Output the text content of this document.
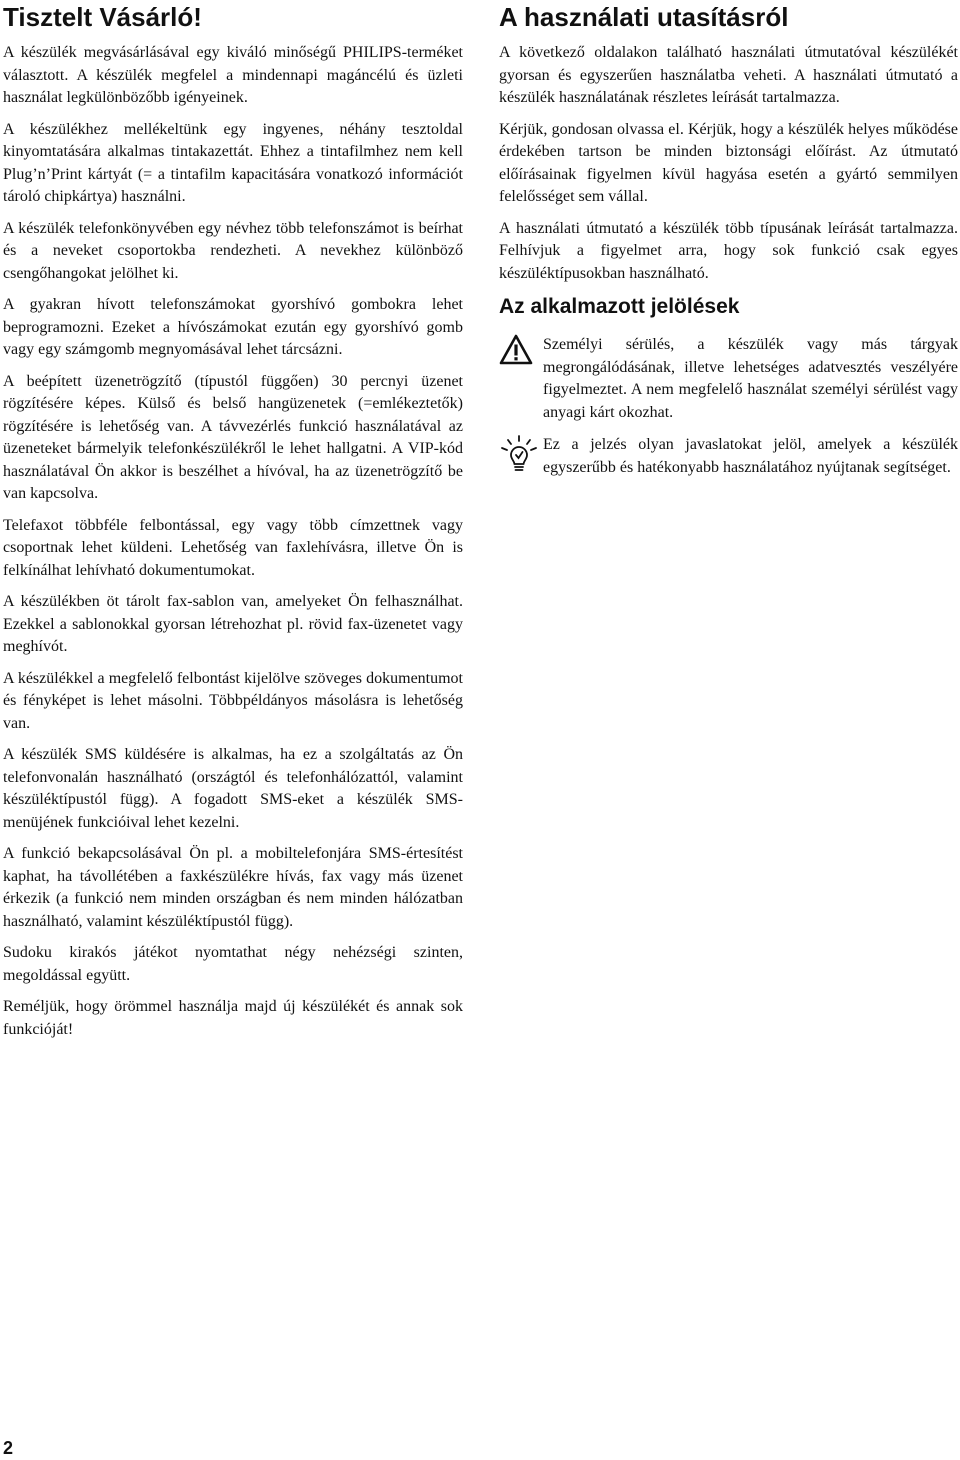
Tisztelt Vásárló!

A készülék megvásárlásával egy kiváló minőségű PHILIPS-terméket választott. A készülék megfelel a mindennapi magáncélú és üzleti használat legkülönbözőbb igényeinek.

A készülékhez mellékeltünk egy ingyenes, néhány tesztoldal kinyomtatására alkalmas tintakazettát. Ehhez a tintafilmhez nem kell Plug’n’Print kártyát (= a tintafilm kapacitására vonatkozó információt tároló chipkártya) használni.

A készülék telefonkönyvében egy névhez több telefonszámot is beírhat és a neveket csoportokba rendezheti. A nevekhez különböző csengőhangokat jelölhet ki.

A gyakran hívott telefonszámokat gyorshívó gombokra lehet beprogramozni. Ezeket a hívószámokat ezután egy gyorshívó gomb vagy egy számgomb megnyomásával lehet tárcsázni.

A beépített üzenetrögzítő (típustól függően) 30 percnyi üzenet rögzítésére képes. Külső és belső hangüzenetek (=emlékeztetők) rögzítésére is lehetőség van. A távvezérlés funkció használatával az üzeneteket bármelyik telefonkészülékről le lehet hallgatni. A VIP-kód használatával Ön akkor is beszélhet a hívóval, ha az üzenetrögzítő be van kapcsolva.

Telefaxot többféle felbontással, egy vagy több címzettnek vagy csoportnak lehet küldeni. Lehetőség van faxlehívásra, illetve Ön is felkínálhat lehívható dokumentumokat.

A készülékben öt tárolt fax-sablon van, amelyeket Ön felhasználhat. Ezekkel a sablonokkal gyorsan létrehozhat pl. rövid fax-üzenetet vagy meghívót.

A készülékkel a megfelelő felbontást kijelölve szöveges dokumentumot és fényképet is lehet másolni. Többpéldányos másolásra is lehetőség van.

A készülék SMS küldésére is alkalmas, ha ez a szolgáltatás az Ön telefonvonalán használható (országtól és telefonhálózattól, valamint készüléktípustól függ). A fogadott SMS-eket a készülék SMS-menüjének funkcióival lehet kezelni.

A funkció bekapcsolásával Ön pl. a mobiltelefonjára SMS-értesítést kaphat, ha távollétében a faxkészülékre hívás, fax vagy más üzenet érkezik (a funkció nem minden országban és nem minden hálózatban használható, valamint készüléktípustól függ).

Sudoku kirakós játékot nyomtathat négy nehézségi szinten, megoldással együtt.

Reméljük, hogy örömmel használja majd új készülékét és annak sok funkcióját!

A használati utasításról

A következő oldalakon található használati útmutatóval készülékét gyorsan és egyszerűen használatba veheti. A használati útmutató a készülék használatának részletes leírását tartalmazza.

Kérjük, gondosan olvassa el. Kérjük, hogy a készülék helyes működése érdekében tartson be minden biztonsági előírást. Az útmutató előírásainak figyelmen kívül hagyása esetén a gyártó semmilyen felelősséget sem vállal.

A használati útmutató a készülék több típusának leírását tartalmazza. Felhívjuk a figyelmet arra, hogy sok funkció csak egyes készüléktípusokban használható.

Az alkalmazott jelölések

Személyi sérülés, a készülék vagy más tárgyak megrongálódásának, illetve lehetséges adatvesztés veszélyére figyelmeztet. A nem megfelelő használat személyi sérülést vagy anyagi kárt okozhat.

Ez a jelzés olyan javaslatokat jelöl, amelyek a készülék egyszerűbb és hatékonyabb használatához nyújtanak segítséget.

2
